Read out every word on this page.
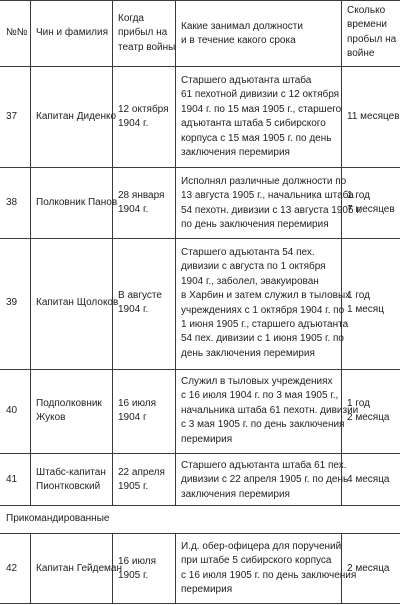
№№ Чин и фамилия
Когда
прибыл на
театр войны
Какие занимал должности
и в течение какого срока
Сколько
времени
пробыл на
войне
37 Капитан Диденко
12 октября
1904 г.
Старшего адъютанта штаба
61 пехотной дивизии с 12 октября
1904 г. по 15 мая 1905 г., старшего
адъютанта штаба 5 сибирского
корпуса с 15 мая 1905 г. по день
заключения перемирия
11 месяцев
38 Полковник Панов
28 января
1904 г.
Исполнял различные должности по
13 августа 1905 г., начальника штаба
54 пехотн. дивизии с 13 августа 1905 г.
по день заключения перемирия
1 год
7 месяцев
39 Капитан Щолоков
В августе
1904 г.
Старшего адъютанта 54 пех.
дивизии с августа по 1 октября
1904 г., заболел, эвакуирован
в Харбин и затем служил в тыловых
учреждениях с 1 октября 1904 г. по
1 июня 1905 г., старшего адъютанта
54 пех. дивизии с 1 июня 1905 г. по
день заключения перемирия
1 год
1 месяц
40
Подполковник
Жуков
16 июля
1904 г
Служил в тыловых учреждениях
с 16 июля 1904 г. по 3 мая 1905 г.,
начальника штаба 61 пехотн. дивизии
с 3 мая 1905 г. по день заключения
перемирия
1 год
2 месяца
41
Штабс-капитан
Пионтковский
22 апреля
1905 г.
Старшего адъютанта штаба 61 пех.
дивизии с 22 апреля 1905 г. по день
заключения перемирия
4 месяца
Прикомандированные
42 Капитан Гейдеман
16 июля
1905 г.
И.д. обер-офицера для поручений
при штабе 5 сибирского корпуса
с 16 июля 1905 г. по день заключения
перемирия
2 месяца
